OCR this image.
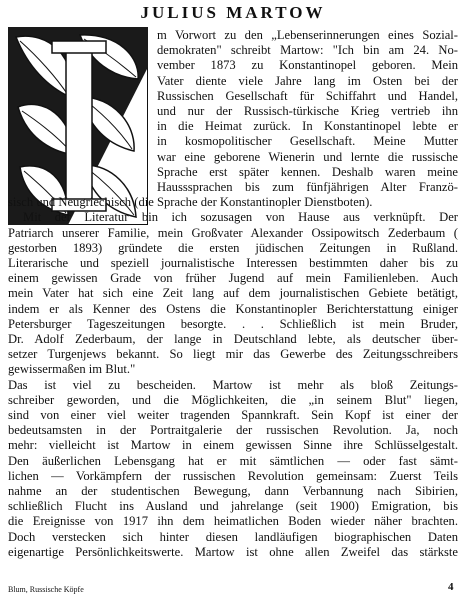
JULIUS MARTOW
m Vorwort zu den „Lebenserinnerungen eines Sozial-
demokraten" schreibt Martow: "Ich bin am 24. No-
vember 1873 zu Konstantinopel geboren. Mein
Vater diente viele Jahre lang im Osten bei der
Russischen Gesellschaft für Schiffahrt und Handel,
und nur der Russisch-türkische Krieg vertrieb ihn
in die Heimat zurück. In Konstantinopel lebte er
in kosmopolitischer Gesellschaft. Meine Mutter
war eine geborene Wienerin und lernte die russische
Sprache erst später kennen. Deshalb waren meine
Hausssprachen bis zum fünfjährigen Alter Franzö-
sisch und Neugriechisch (die Sprache der Konstantinopler Dienstboten).
Mit der Literatur bin ich sozusagen von Hause aus verknüpft. Der
Patriarch unserer Familie, mein Großvater Alexander Ossipowitsch Zederbaum (
gestorben 1893) gründete die ersten jüdischen Zeitungen in Rußland.
Literarische und speziell journalistische Interessen bestimmten daher bis zu
einem gewissen Grade von früher Jugend auf mein Familienleben. Auch
mein Vater hat sich eine Zeit lang auf dem journalistischen Gebiete betätigt,
indem er als Kenner des Ostens die Konstantinopler Berichterstattung einiger
Petersburger Tageszeitungen besorgte. . . Schließlich ist mein Bruder,
Dr. Adolf Zederbaum, der lange in Deutschland lebte, als deutscher über-
setzer Turgenjews bekannt. So liegt mir das Gewerbe des Zeitungsschreibers
gewissermaßen im Blut."
Das ist viel zu bescheiden. Martow ist mehr als bloß Zeitungs-
schreiber geworden, und die Möglichkeiten, die „in seinem Blut" liegen,
sind von einer viel weiter tragenden Spannkraft. Sein Kopf ist einer der
bedeutsamsten in der Portraitgalerie der russischen Revolution. Ja, noch
mehr: vielleicht ist Martow in einem gewissen Sinne ihre Schlüsselgestalt.
Den äußerlichen Lebensgang hat er mit sämtlichen — oder fast sämt-
lichen — Vorkämpfern der russischen Revolution gemeinsam: Zuerst Teils
nahme an der studentischen Bewegung, dann Verbannung nach Sibirien,
schließlich Flucht ins Ausland und jahrelange (seit 1900) Emigration, bis
die Ereignisse von 1917 ihn dem heimatlichen Boden wieder näher brachten.
Doch verstecken sich hinter diesen landläufigen biographischen Daten
eigenartige Persönlichkeitswerte. Martow ist ohne allen Zweifel das stärkste
Blum, Russische Köpfe	4
